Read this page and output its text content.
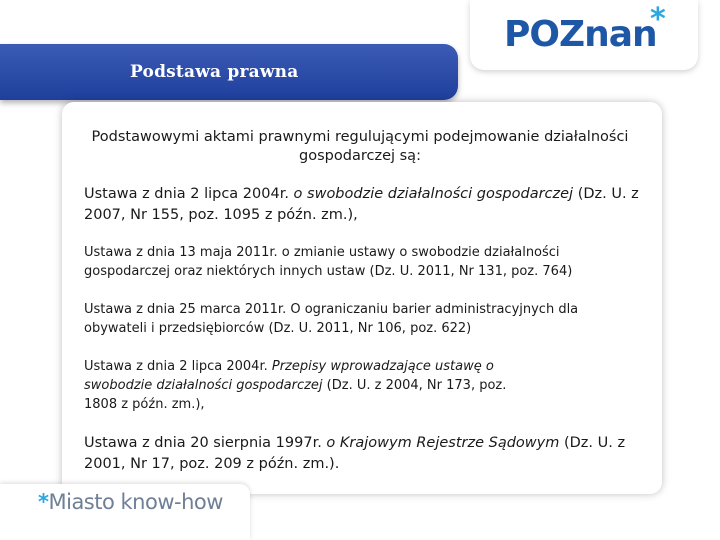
POZnan
*
Podstawa prawna
Podstawowymi aktami prawnymi regulującymi podejmowanie działalności gospodarczej są:
Ustawa z dnia 2 lipca 2004r. o swobodzie działalności gospodarczej (Dz. U. z 2007, Nr 155, poz. 1095 z późn. zm.),
Ustawa z dnia 13 maja 2011r. o zmianie ustawy o swobodzie działalności gospodarczej oraz niektórych innych ustaw (Dz. U. 2011, Nr 131, poz. 764)
Ustawa z dnia 25 marca 2011r. O ograniczaniu barier administracyjnych dla obywateli i przedsiębiorców (Dz. U. 2011, Nr 106, poz. 622)
Ustawa z dnia 2 lipca 2004r. Przepisy wprowadzające ustawę o swobodzie działalności gospodarczej (Dz. U. z 2004, Nr 173, poz. 1808 z późn. zm.),
Ustawa z dnia 20 sierpnia 1997r. o Krajowym Rejestrze Sądowym (Dz. U. z 2001, Nr 17, poz. 209 z późn. zm.).
*Miasto know-how
